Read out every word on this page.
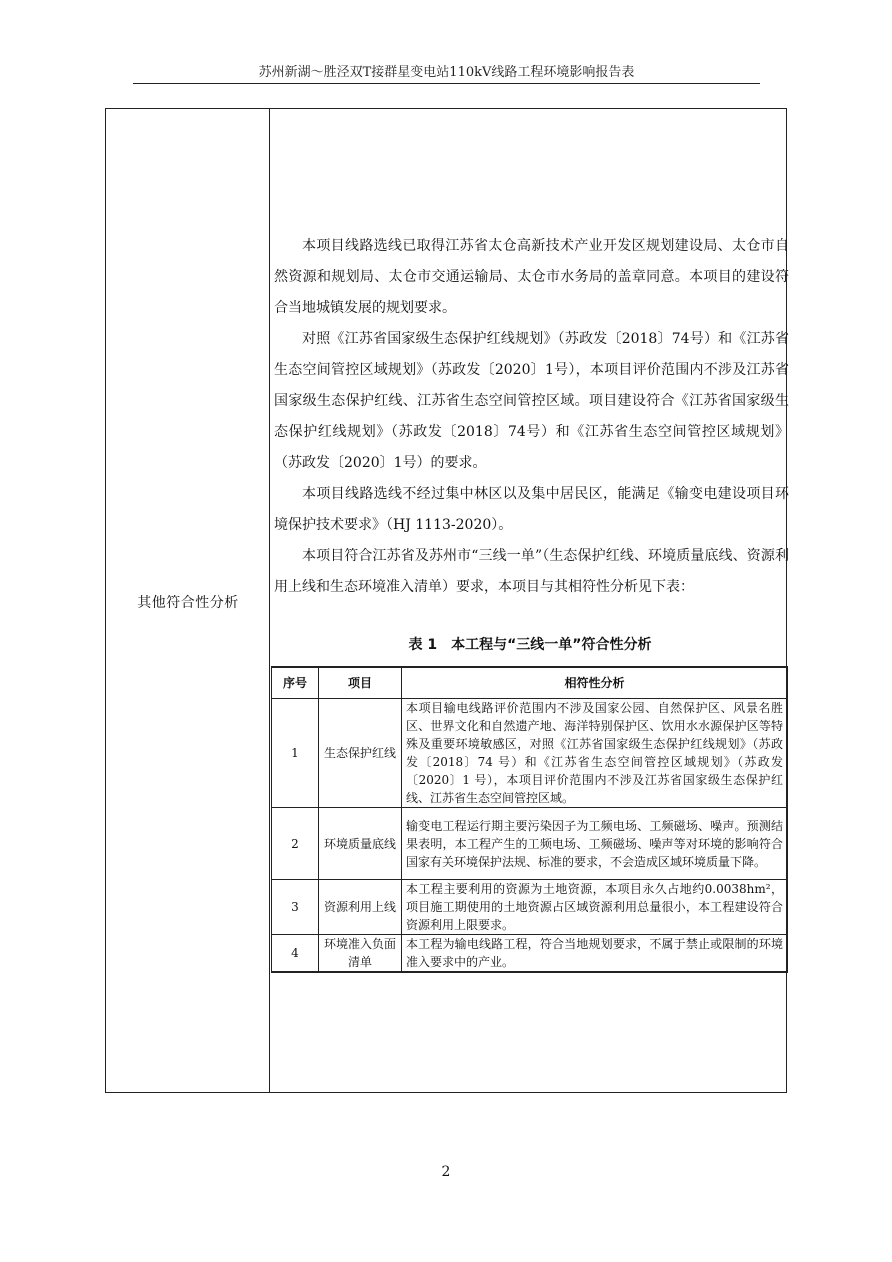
苏州新湖～胜泾双T接群星变电站110kV线路工程环境影响报告表
其他符合性分析

本项目线路选线已取得江苏省太仓高新技术产业开发区规划建设局、太仓市自然资源和规划局、太仓市交通运输局、太仓市水务局的盖章同意。本项目的建设符合当地城镇发展的规划要求。

对照《江苏省国家级生态保护红线规划》（苏政发〔2018〕74号）和《江苏省生态空间管控区域规划》（苏政发〔2020〕1号），本项目评价范围内不涉及江苏省国家级生态保护红线、江苏省生态空间管控区域。项目建设符合《江苏省国家级生态保护红线规划》（苏政发〔2018〕74号）和《江苏省生态空间管控区域规划》（苏政发〔2020〕1号）的要求。

本项目线路选线不经过集中林区以及集中居民区，能满足《输变电建设项目环境保护技术要求》（HJ 1113-2020）。

本项目符合江苏省及苏州市“三线一单”（生态保护红线、环境质量底线、资源利用上线和生态环境准入清单）要求，本项目与其相符性分析见下表：

表 1　本工程与“三线一单”符合性分析
序号	项目	相符性分析
1	生态保护红线	本项目输电线路评价范围内不涉及国家公园、自然保护区、风景名胜区、世界文化和自然遗产地、海洋特别保护区、饮用水水源保护区等特殊及重要环境敏感区，对照《江苏省国家级生态保护红线规划》（苏政发〔2018〕74 号）和《江苏省生态空间管控区域规划》（苏政发〔2020〕1 号），本项目评价范围内不涉及江苏省国家级生态保护红线、江苏省生态空间管控区域。
2	环境质量底线	输变电工程运行期主要污染因子为工频电场、工频磁场、噪声。预测结果表明，本工程产生的工频电场、工频磁场、噪声等对环境的影响符合国家有关环境保护法规、标准的要求，不会造成区域环境质量下降。
3	资源利用上线	本工程主要利用的资源为土地资源，本项目永久占地约0.0038hm²，项目施工期使用的土地资源占区域资源利用总量很小，本工程建设符合资源利用上限要求。
4	环境准入负面清单	本工程为输电线路工程，符合当地规划要求，不属于禁止或限制的环境准入要求中的产业。
2
